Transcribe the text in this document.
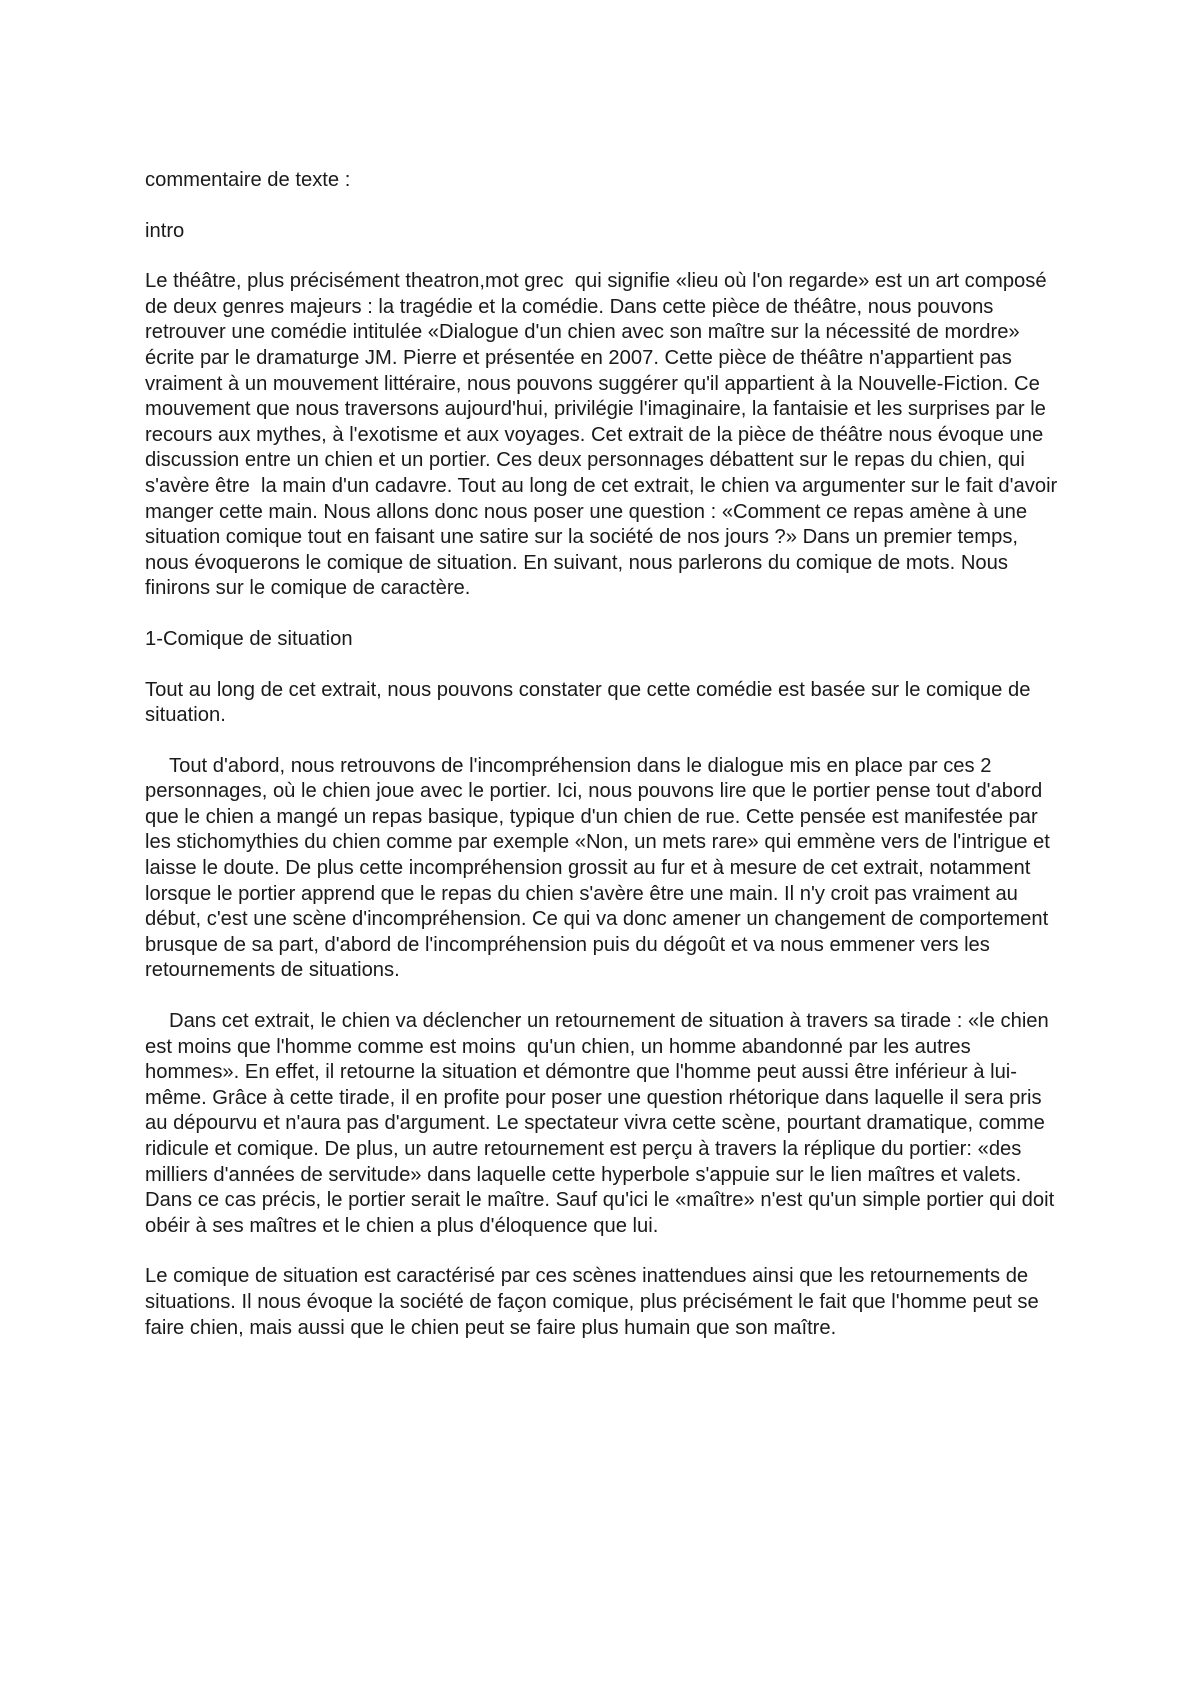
commentaire de texte :

intro

Le théâtre, plus précisément theatron,mot grec  qui signifie «lieu où l'on regarde» est un art composé de deux genres majeurs : la tragédie et la comédie. Dans cette pièce de théâtre, nous pouvons retrouver une comédie intitulée «Dialogue d'un chien avec son maître sur la nécessité de mordre» écrite par le dramaturge JM. Pierre et présentée en 2007. Cette pièce de théâtre n'appartient pas vraiment à un mouvement littéraire, nous pouvons suggérer qu'il appartient à la Nouvelle-Fiction. Ce mouvement que nous traversons aujourd'hui, privilégie l'imaginaire, la fantaisie et les surprises par le recours aux mythes, à l'exotisme et aux voyages. Cet extrait de la pièce de théâtre nous évoque une discussion entre un chien et un portier. Ces deux personnages débattent sur le repas du chien, qui s'avère être  la main d'un cadavre. Tout au long de cet extrait, le chien va argumenter sur le fait d'avoir manger cette main. Nous allons donc nous poser une question : «Comment ce repas amène à une situation comique tout en faisant une satire sur la société de nos jours ?» Dans un premier temps, nous évoquerons le comique de situation. En suivant, nous parlerons du comique de mots. Nous finirons sur le comique de caractère.

1-Comique de situation

Tout au long de cet extrait, nous pouvons constater que cette comédie est basée sur le comique de situation.

Tout d'abord, nous retrouvons de l'incompréhension dans le dialogue mis en place par ces 2 personnages, où le chien joue avec le portier. Ici, nous pouvons lire que le portier pense tout d'abord que le chien a mangé un repas basique, typique d'un chien de rue. Cette pensée est manifestée par les stichomythies du chien comme par exemple «Non, un mets rare» qui emmène vers de l'intrigue et laisse le doute. De plus cette incompréhension grossit au fur et à mesure de cet extrait, notamment lorsque le portier apprend que le repas du chien s'avère être une main. Il n'y croit pas vraiment au début, c'est une scène d'incompréhension. Ce qui va donc amener un changement de comportement brusque de sa part, d'abord de l'incompréhension puis du dégoût et va nous emmener vers les retournements de situations.

Dans cet extrait, le chien va déclencher un retournement de situation à travers sa tirade : «le chien est moins que l'homme comme est moins  qu'un chien, un homme abandonné par les autres hommes». En effet, il retourne la situation et démontre que l'homme peut aussi être inférieur à lui-même. Grâce à cette tirade, il en profite pour poser une question rhétorique dans laquelle il sera pris au dépourvu et n'aura pas d'argument. Le spectateur vivra cette scène, pourtant dramatique, comme ridicule et comique. De plus, un autre retournement est perçu à travers la réplique du portier: «des milliers d'années de servitude» dans laquelle cette hyperbole s'appuie sur le lien maîtres et valets. Dans ce cas précis, le portier serait le maître. Sauf qu'ici le «maître» n'est qu'un simple portier qui doit obéir à ses maîtres et le chien a plus d'éloquence que lui.

Le comique de situation est caractérisé par ces scènes inattendues ainsi que les retournements de situations. Il nous évoque la société de façon comique, plus précisément le fait que l'homme peut se faire chien, mais aussi que le chien peut se faire plus humain que son maître.
